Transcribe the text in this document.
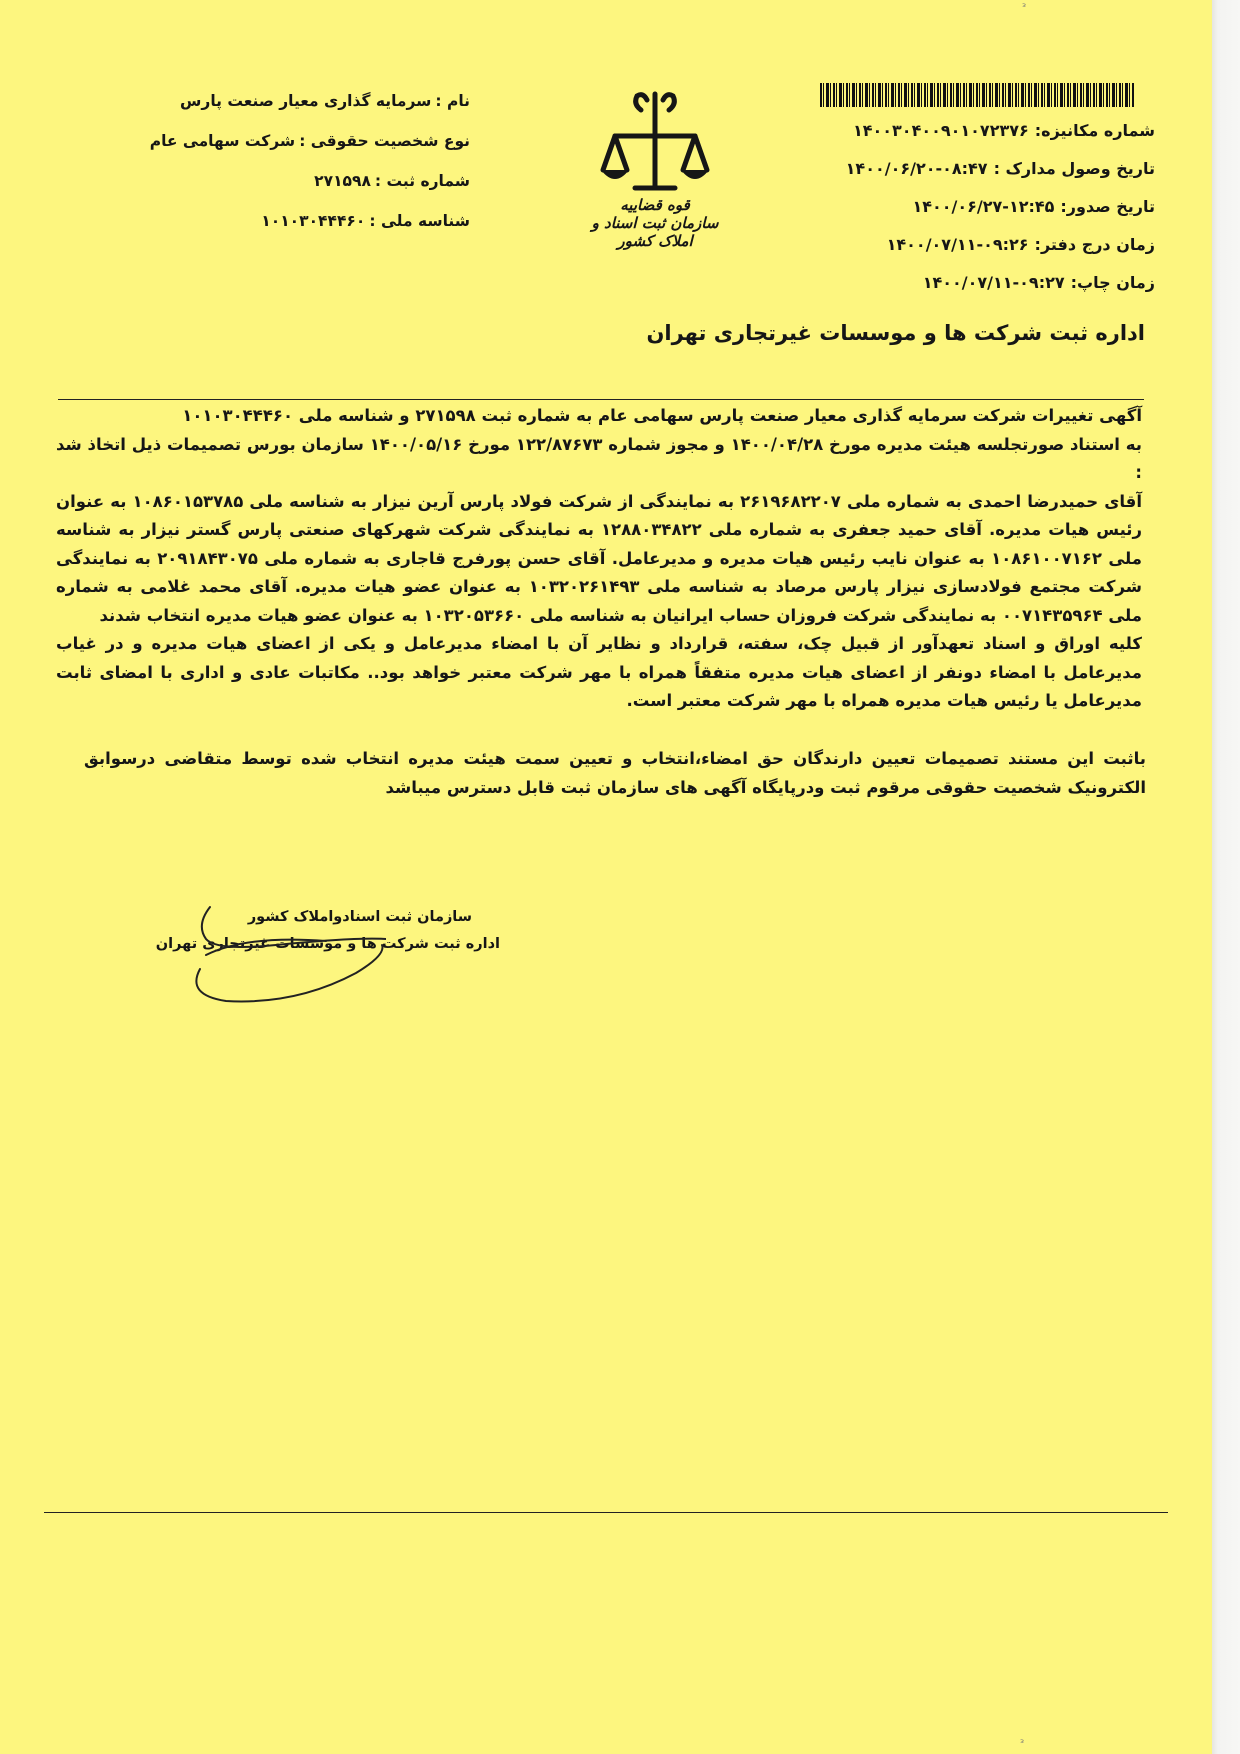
شماره مکانیزه:۱۴۰۰۳۰۴۰۰۹۰۱۰۷۲۳۷۶
تاریخ وصول مدارک :۰۸:۴۷-۱۴۰۰/۰۶/۲۰
تاریخ صدور:۱۲:۴۵-۱۴۰۰/۰۶/۲۷
زمان درج دفتر:۰۹:۲۶-۱۴۰۰/۰۷/۱۱
زمان چاپ:۰۹:۲۷-۱۴۰۰/۰۷/۱۱
قوه قضاییه
سازمان ثبت اسناد و املاک کشور
نام :سرمایه گذاری معیار صنعت پارس
نوع شخصیت حقوقی :شرکت سهامی عام
شماره ثبت :۲۷۱۵۹۸
شناسه ملی :۱۰۱۰۳۰۴۴۴۶۰
اداره ثبت شرکت ها و موسسات غیرتجاری تهران

آگهی تغییرات شرکت سرمایه گذاری معیار صنعت پارس سهامی عام به شماره ثبت ۲۷۱۵۹۸ و شناسه ملی ۱۰۱۰۳۰۴۴۴۶۰

به استناد صورتجلسه هیئت مدیره مورخ ۱۴۰۰/۰۴/۲۸ و مجوز شماره ۱۲۲/۸۷۶۷۳ مورخ ۱۴۰۰/۰۵/۱۶ سازمان بورس تصمیمات ذیل اتخاذ شد :

آقای حمیدرضا احمدی به شماره ملی ۲۶۱۹۶۸۲۲۰۷ به نمایندگی از شرکت فولاد پارس آرین نیزار به شناسه ملی ۱۰۸۶۰۱۵۳۷۸۵ به عنوان رئیس هیات مدیره. آقای حمید جعفری به شماره ملی ۱۲۸۸۰۳۴۸۲۲ به نمایندگی شرکت شهرکهای صنعتی پارس گستر نیزار به شناسه ملی ۱۰۸۶۱۰۰۷۱۶۲ به عنوان نایب رئیس هیات مدیره و مدیرعامل. آقای حسن پورفرج قاجاری به شماره ملی ۲۰۹۱۸۴۳۰۷۵ به نمایندگی شرکت مجتمع فولادسازی نیزار پارس مرصاد به شناسه ملی ۱۰۳۲۰۲۶۱۴۹۳ به عنوان عضو هیات مدیره. آقای محمد غلامی به شماره ملی ۰۰۷۱۴۳۵۹۶۴ به نمایندگی شرکت فروزان حساب ایرانیان به شناسه ملی ۱۰۳۲۰۵۳۶۶۰ به عنوان عضو هیات مدیره انتخاب شدند

کلیه اوراق و اسناد تعهدآور از قبیل چک، سفته، قرارداد و نظایر آن با امضاء مدیرعامل و یکی از اعضای هیات مدیره و در غیاب مدیرعامل با امضاء دونفر از اعضای هیات مدیره متفقاً همراه با مهر شرکت معتبر خواهد بود.. مکاتبات عادی و اداری با امضای ثابت مدیرعامل یا رئیس هیات مدیره همراه با مهر شرکت معتبر است.

باثبت این مستند تصمیمات تعیین دارندگان حق امضاء،انتخاب و تعیین سمت هیئت مدیره انتخاب شده توسط متقاضی درسوابق الکترونیک شخصیت حقوقی مرقوم ثبت ودرپایگاه آگهی های سازمان ثبت قابل دسترس میباشد

سازمان ثبت اسنادواملاک کشور
اداره ثبت شرکت ها و موسسات غیرتجاری تهران
ᵌ
ᵌ
